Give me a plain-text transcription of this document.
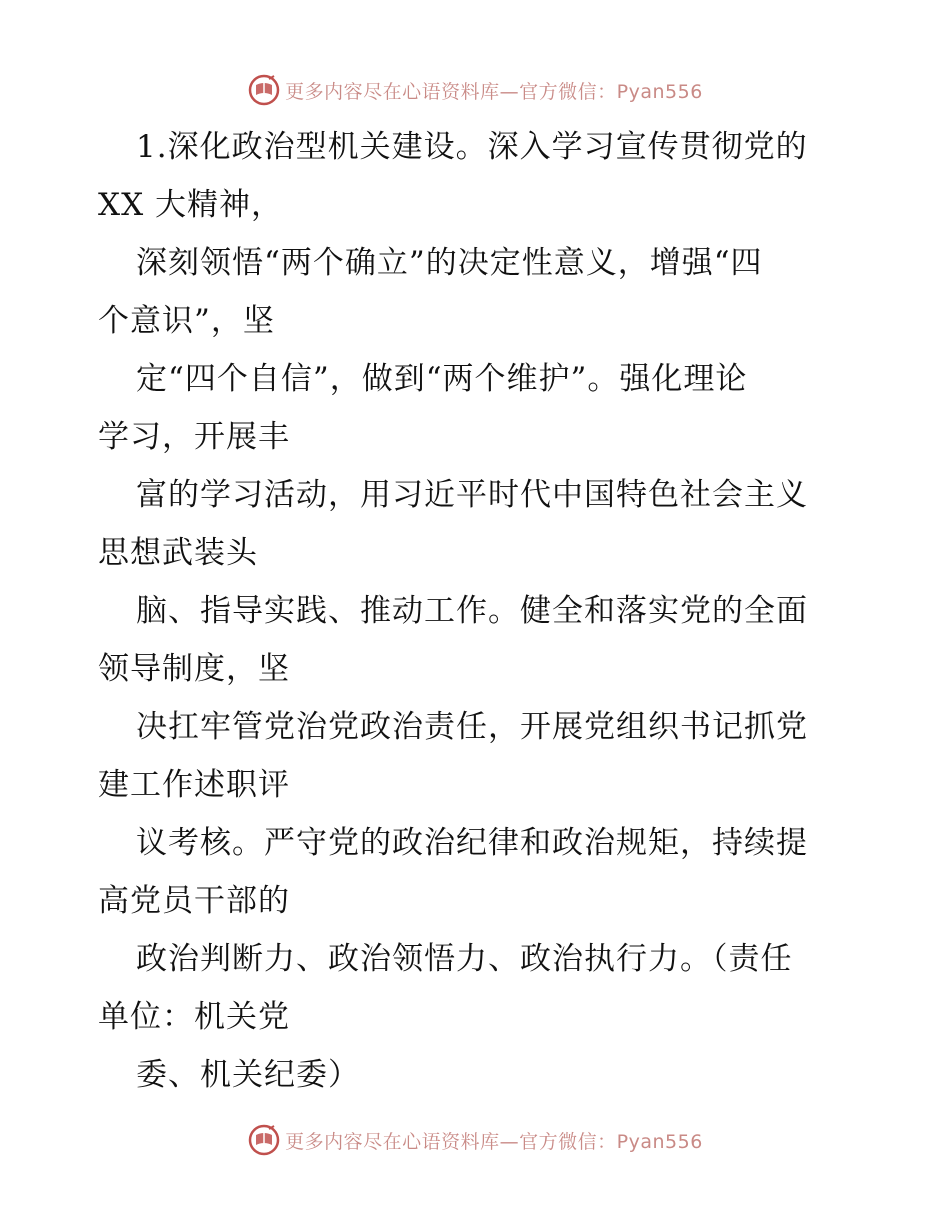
更多内容尽在心语资料库—官方微信：Pyan556
1.深化政治型机关建设。深入学习宣传贯彻党的
XX 大精神，
深刻领悟“两个确立”的决定性意义，增强“四
个意识”，坚
定“四个自信”，做到“两个维护”。强化理论
学习，开展丰
富的学习活动，用习近平时代中国特色社会主义
思想武装头
脑、指导实践、推动工作。健全和落实党的全面
领导制度，坚
决扛牢管党治党政治责任，开展党组织书记抓党
建工作述职评
议考核。严守党的政治纪律和政治规矩，持续提
高党员干部的
政治判断力、政治领悟力、政治执行力。（责任
单位：机关党
委、机关纪委）
更多内容尽在心语资料库—官方微信：Pyan556
